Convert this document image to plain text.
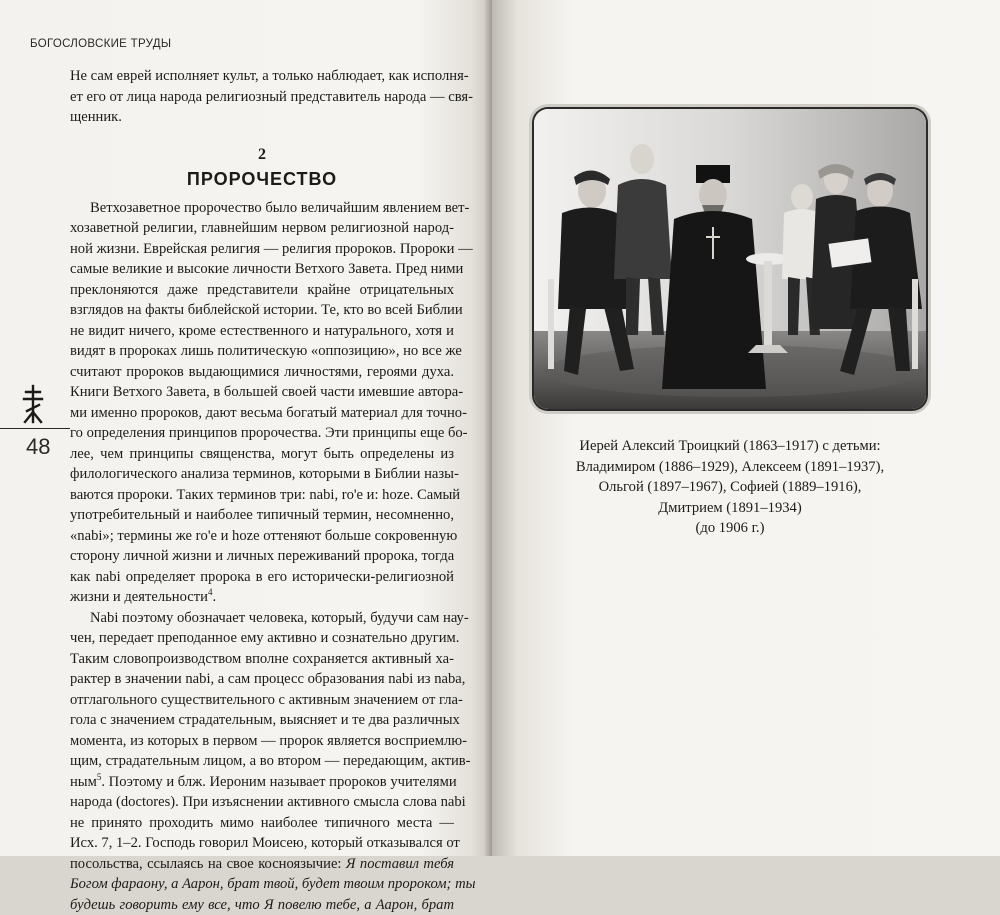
БОГОСЛОВСКИЕ ТРУДЫ

Не сам еврей исполняет культ, а только наблюдает, как исполня-
ет его от лица народа религиозный представитель народа — свя-
щенник.

2
ПРОРОЧЕСТВО

Ветхозаветное пророчество было величайшим явлением вет-
хозаветной религии, главнейшим нервом религиозной народ-
ной жизни. Еврейская религия — религия пророков. Пророки —
самые великие и высокие личности Ветхого Завета. Пред ними
преклоняются даже представители крайне отрицательных
взглядов на факты библейской истории. Те, кто во всей Библии
не видит ничего, кроме естественного и натурального, хотя и
видят в пророках лишь политическую «оппозицию», но все же
считают пророков выдающимися личностями, героями духа.
Книги Ветхого Завета, в большей своей части имевшие автора-
ми именно пророков, дают весьма богатый материал для точно-
го определения принципов пророчества. Эти принципы еще бо-
лее, чем принципы священства, могут быть определены из
филологического анализа терминов, которыми в Библии назы-
ваются пророки. Таких терминов три: nabi, ro'e и: hoze. Самый
употребительный и наиболее типичный термин, несомненно,
«nabi»; термины же ro'e и hoze оттеняют больше сокровенную
сторону личной жизни и личных переживаний пророка, тогда
как nabi определяет пророка в его исторически-религиозной
жизни и деятельности$^4$.

Nabi поэтому обозначает человека, который, будучи сам нау-
чен, передает преподанное ему активно и сознательно другим.
Таким словопроизводством вполне сохраняется активный ха-
рактер в значении nabi, а сам процесс образования nabi из naba,
отглагольного существительного с активным значением от гла-
гола с значением страдательным, выясняет и те два различных
момента, из которых в первом — пророк является восприемлю-
щим, страдательным лицом, а во втором — передающим, актив-
ным$^5$. Поэтому и блж. Иероним называет пророков учителями
народа (doctores). При изъяснении активного смысла слова nabi
не принято проходить мимо наиболее типичного места —
Исх. 7, 1–2. Господь говорил Моисею, который отказывался от
посольства, ссылаясь на свое косноязычие: Я поставил тебя
Богом фараону, а Аарон, брат твой, будет твоим пророком; ты
будешь говорить ему все, что Я повелю тебе, а Аарон, брат

48	Иерей Алексий Троицкий (1863–1917) с детьми:
Владимиром (1886–1929), Алексеем (1891–1937),
Ольгой (1897–1967), Софией (1889–1916),
Дмитрием (1891–1934)
(до 1906 г.)
